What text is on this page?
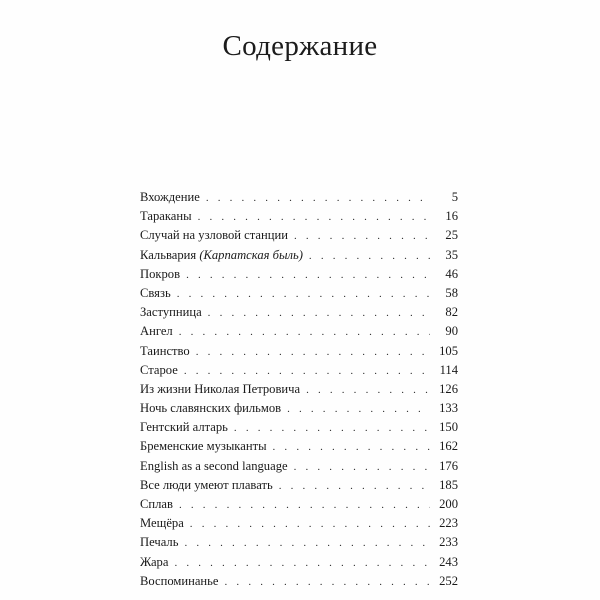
Содержание
Вхождение . . .	5
Тараканы . . .	16
Случай на узловой станции . . .	25
Кальвария (Карпатская быль) . . .	35
Покров . . .	46
Связь . . .	58
Заступница . . .	82
Ангел . . .	90
Таинство . . .	105
Старое . . .	114
Из жизни Николая Петровича . . .	126
Ночь славянских фильмов . . .	133
Гентский алтарь . . .	150
Бременские музыканты . . .	162
English as a second language . . .	176
Все люди умеют плавать . . .	185
Сплав . . .	200
Мещёра . . .	223
Печаль . . .	233
Жара . . .	243
Воспоминанье . . .	252
